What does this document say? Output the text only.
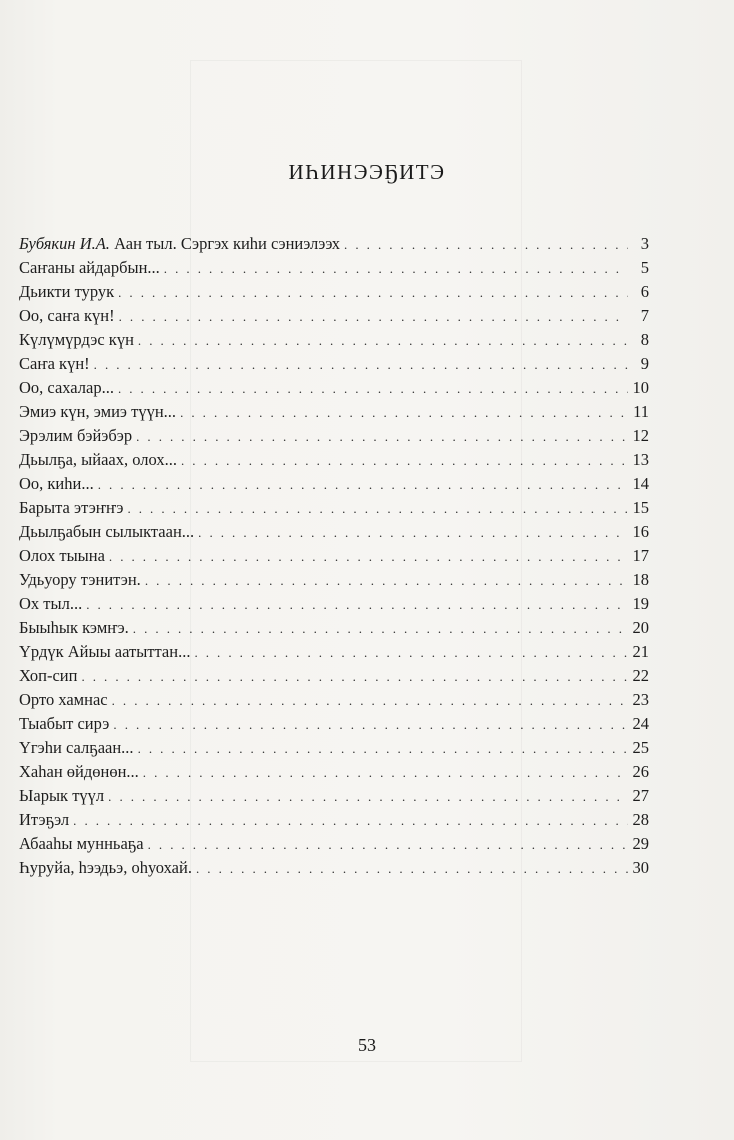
ИҺИНЭЭҔИТЭ
Бубякин И.А. Аан тыл. Сэргэх киһи сэниэлээх . . .	3
Саҥаны айдарбын... . . .	5
Дьикти турук . . .	6
Оо, саҥа күн! . . .	7
Күлүмүрдэс күн . . .	8
Саҥа күн! . . .	9
Оо, сахалар... . . .	10
Эмиэ күн, эмиэ түүн... . . .	11
Эрэлим бэйэбэр . . .	12
Дьылҕа, ыйаах, олох... . . .	13
Оо, киһи... . . .	14
Барыта этэҥҥэ . . .	15
Дьылҕабын сылыктаан... . . .	16
Олох тыына . . .	17
Удьуору тэнитэн. . . .	18
Ох тыл... . . .	19
Быыһык кэмҥэ. . . .	20
Үрдүк Айыы аатыттан... . . .	21
Хоп-сип . . .	22
Орто хамнас . . .	23
Тыабыт сирэ . . .	24
Үгэһи салҕаан... . . .	25
Хаһан өйдөнөн... . . .	26
Ыарык түүл . . .	27
Итэҕэл . . .	28
Абааһы мунньаҕа . . .	29
Һуруйа, һээдьэ, оһуохай. . . .	30
53
